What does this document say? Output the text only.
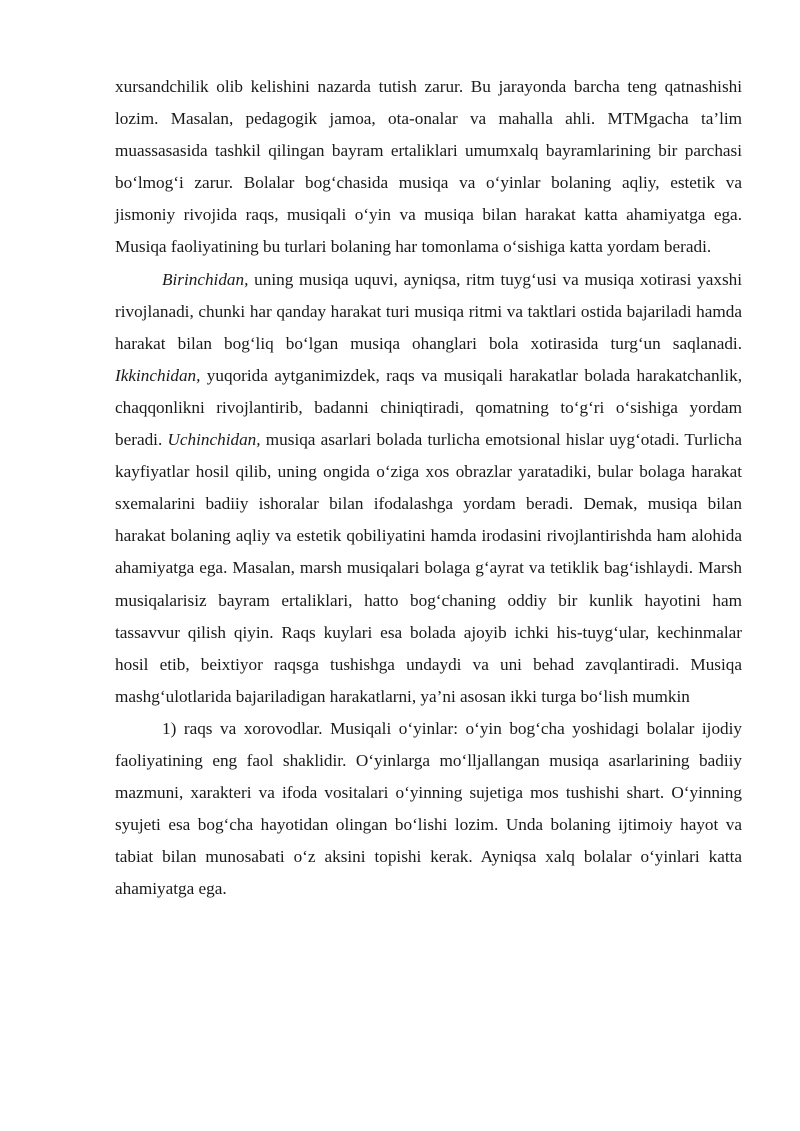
xursandchilik olib kelishini nazarda tutish zarur. Bu jarayonda barcha teng qatnashishi lozim. Masalan, pedagogik jamoa, ota-onalar va mahalla ahli. MTMgacha ta’lim muassasasida tashkil qilingan bayram ertaliklari umumxalq bayramlarining bir parchasi bo‘lmog‘i zarur. Bolalar bog‘chasida musiqa va o‘yinlar bolaning aqliy, estetik va jismoniy rivojida raqs, musiqali o‘yin va musiqa bilan harakat katta ahamiyatga ega. Musiqa faoliyatining bu turlari bolaning har tomonlama o‘sishiga katta yordam beradi.

Birinchidan, uning musiqa uquvi, ayniqsa, ritm tuyg‘usi va musiqa xotirasi yaxshi rivojlanadi, chunki har qanday harakat turi musiqa ritmi va taktlari ostida bajariladi hamda harakat bilan bog‘liq bo‘lgan musiqa ohanglari bola xotirasida turg‘un saqlanadi. Ikkinchidan, yuqorida aytganimizdek, raqs va musiqali harakatlar bolada harakatchanlik, chaqqonlikni rivojlantirib, badanni chiniqtiradi, qomatning to‘g‘ri o‘sishiga yordam beradi. Uchinchidan, musiqa asarlari bolada turlicha emotsional hislar uyg‘otadi. Turlicha kayfiyatlar hosil qilib, uning ongida o‘ziga xos obrazlar yaratadiki, bular bolaga harakat sxemalarini badiiy ishoralar bilan ifodalashga yordam beradi. Demak, musiqa bilan harakat bolaning aqliy va estetik qobiliyatini hamda irodasini rivojlantirishda ham alohida ahamiyatga ega. Masalan, marsh musiqalari bolaga g‘ayrat va tetiklik bag‘ishlaydi. Marsh musiqalarisiz bayram ertaliklari, hatto bog‘chaning oddiy bir kunlik hayotini ham tassavvur qilish qiyin. Raqs kuylari esa bolada ajoyib ichki his-tuyg‘ular, kechinmalar hosil etib, beixtiyor raqsga tushishga undaydi va uni behad zavqlantiradi. Musiqa mashg‘ulotlarida bajariladigan harakatlarni, ya’ni asosan ikki turga bo‘lish mumkin

1) raqs va xorovodlar. Musiqali o‘yinlar: o‘yin bog‘cha yoshidagi bolalar ijodiy faoliyatining eng faol shaklidir. O‘yinlarga mo‘lljallangan musiqa asarlarining badiiy mazmuni, xarakteri va ifoda vositalari o‘yinning sujetiga mos tushishi shart. O‘yinning syujeti esa bog‘cha hayotidan olingan bo‘lishi lozim. Unda bolaning ijtimoiy hayot va tabiat bilan munosabati o‘z aksini topishi kerak. Ayniqsa xalq bolalar o‘yinlari katta ahamiyatga ega.
